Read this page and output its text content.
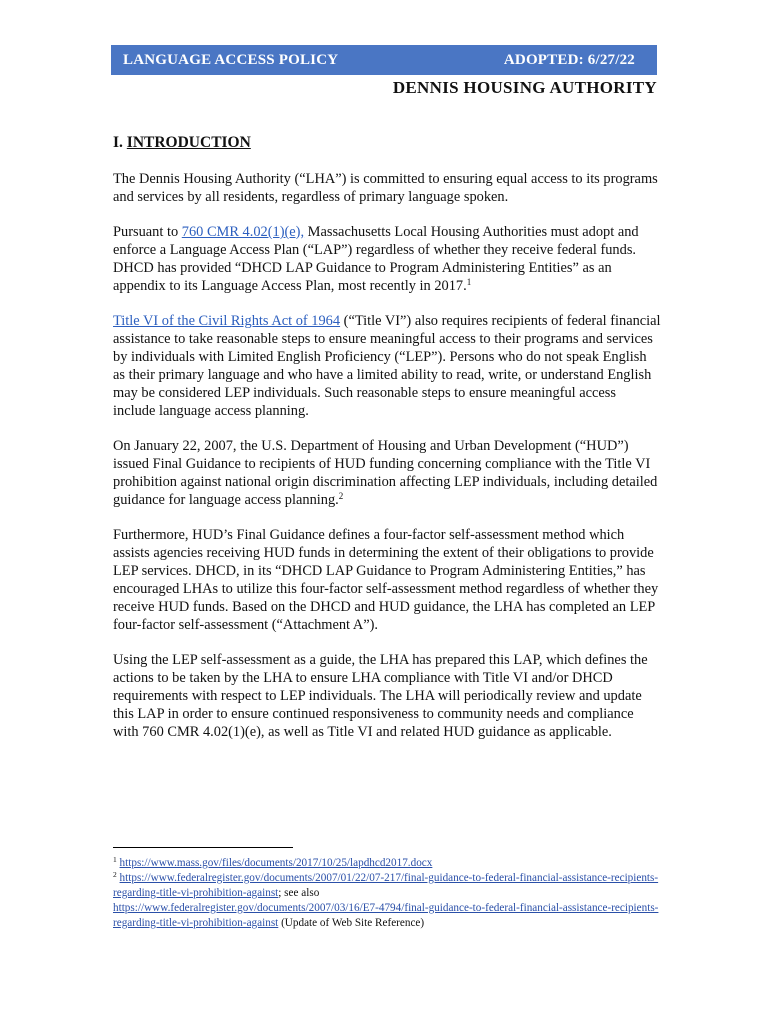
LANGUAGE ACCESS POLICY	ADOPTED: 6/27/22
DENNIS HOUSING AUTHORITY
I. INTRODUCTION

The Dennis Housing Authority (“LHA”) is committed to ensuring equal access to its programs and services by all residents, regardless of primary language spoken.

Pursuant to 760 CMR 4.02(1)(e), Massachusetts Local Housing Authorities must adopt and enforce a Language Access Plan (“LAP”) regardless of whether they receive federal funds. DHCD has provided “DHCD LAP Guidance to Program Administering Entities” as an appendix to its Language Access Plan, most recently in 2017.$^1$

Title VI of the Civil Rights Act of 1964 (“Title VI”) also requires recipients of federal financial assistance to take reasonable steps to ensure meaningful access to their programs and services by individuals with Limited English Proficiency (“LEP”). Persons who do not speak English as their primary language and who have a limited ability to read, write, or understand English may be considered LEP individuals. Such reasonable steps to ensure meaningful access include language access planning.

On January 22, 2007, the U.S. Department of Housing and Urban Development (“HUD”) issued Final Guidance to recipients of HUD funding concerning compliance with the Title VI prohibition against national origin discrimination affecting LEP individuals, including detailed guidance for language access planning.$^2$

Furthermore, HUD’s Final Guidance defines a four-factor self-assessment method which assists agencies receiving HUD funds in determining the extent of their obligations to provide LEP services. DHCD, in its “DHCD LAP Guidance to Program Administering Entities,” has encouraged LHAs to utilize this four-factor self-assessment method regardless of whether they receive HUD funds. Based on the DHCD and HUD guidance, the LHA has completed an LEP four-factor self-assessment (“Attachment A”).

Using the LEP self-assessment as a guide, the LHA has prepared this LAP, which defines the actions to be taken by the LHA to ensure LHA compliance with Title VI and/or DHCD requirements with respect to LEP individuals. The LHA will periodically review and update this LAP in order to ensure continued responsiveness to community needs and compliance with 760 CMR 4.02(1)(e), as well as Title VI and related HUD guidance as applicable.

$^1$ https://www.mass.gov/files/documents/2017/10/25/lapdhcd2017.docx

$^2$ https://www.federalregister.gov/documents/2007/01/22/07-217/final-guidance-to-federal-financial-assistance-recipients-regarding-title-vi-prohibition-against; see also
https://www.federalregister.gov/documents/2007/03/16/E7-4794/final-guidance-to-federal-financial-assistance-recipients-regarding-title-vi-prohibition-against (Update of Web Site Reference)
